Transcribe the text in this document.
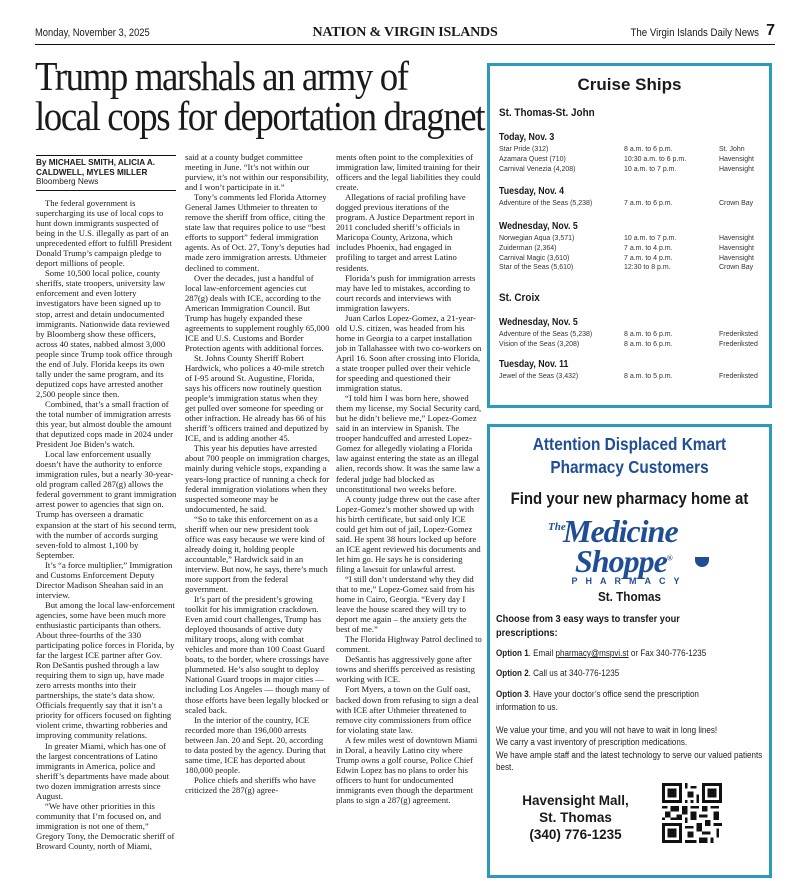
Monday, November 3, 2025	NATION & VIRGIN ISLANDS	The Virgin Islands Daily News 7
Trump marshals an army of
local cops for deportation dragnet
By MICHAEL SMITH, ALICIA A. CALDWELL, MYLES MILLER
Bloomberg News

The federal government is supercharging its use of local cops to hunt down immigrants suspected of being in the U.S. illegally as part of an unprecedented effort to fulfill President Donald Trump’s campaign pledge to deport millions of people.

Some 10,500 local police, county sheriffs, state troopers, university law enforcement and even lottery investigators have been signed up to stop, arrest and detain undocumented immigrants. Nationwide data reviewed by Bloomberg show these officers, across 40 states, nabbed almost 3,000 people since Trump took office through the end of July. Florida keeps its own tally under the same program, and its deputized cops have arrested another 2,500 people since then.

Combined, that’s a small fraction of the total number of immigration arrests this year, but almost double the amount that deputized cops made in 2024 under President Joe Biden’s watch.

Local law enforcement usually doesn’t have the authority to enforce immigration rules, but a nearly 30-year-old program called 287(g) allows the federal government to grant immigration arrest power to agencies that sign on. Trump has overseen a dramatic expansion at the start of his second term, with the number of accords surging seven-fold to almost 1,100 by September.

It’s “a force multiplier,” Immigration and Customs Enforcement Deputy Director Madison Sheahan said in an interview.

But among the local law-enforcement agencies, some have been much more enthusiastic participants than others. About three-fourths of the 330 participating police forces in Florida, by far the largest ICE partner after Gov. Ron DeSantis pushed through a law requiring them to sign up, have made zero arrests months into their partnerships, the state’s data show. Officials frequently say that it isn’t a priority for officers focused on fighting violent crime, thwarting robberies and improving community relations.

In greater Miami, which has one of the largest concentrations of Latino immigrants in America, police and sheriff’s departments have made about two dozen immigration arrests since August.

“We have other priorities in this community that I’m focused on, and immigration is not one of them,” Gregory Tony, the Democratic sheriff of Broward County, north of Miami,

said at a county budget committee meeting in June. “It’s not within our purview, it’s not within our responsibility, and I won’t participate in it.”

Tony’s comments led Florida Attorney General James Uthmeier to threaten to remove the sheriff from office, citing the state law that requires police to use “best efforts to support” federal immigration agents. As of Oct. 27, Tony’s deputies had made zero immigration arrests. Uthmeier declined to comment.

Over the decades, just a handful of local law-enforcement agencies cut 287(g) deals with ICE, according to the American Immigration Council. But Trump has hugely expanded these agreements to supplement roughly 65,000 ICE and U.S. Customs and Border Protection agents with additional forces.

St. Johns County Sheriff Robert Hardwick, who polices a 40-mile stretch of I-95 around St. Augustine, Florida, says his officers now routinely question people’s immigration status when they get pulled over someone for speeding or other infraction. He already has 66 of his sheriff’s officers trained and deputized by ICE, and is adding another 45.

This year his deputies have arrested about 700 people on immigration charges, mainly during vehicle stops, expanding a years-long practice of running a check for federal immigration violations when they suspected someone may be undocumented, he said.

“So to take this enforcement on as a sheriff when our new president took office was easy because we were kind of already doing it, holding people accountable,” Hardwick said in an interview. But now, he says, there’s much more support from the federal government.

It’s part of the president’s growing toolkit for his immigration crackdown. Even amid court challenges, Trump has deployed thousands of active duty military troops, along with combat vehicles and more than 100 Coast Guard boats, to the border, where crossings have plummeted. He’s also sought to deploy National Guard troops in major cities — including Los Angeles — though many of those efforts have been legally blocked or scaled back.

In the interior of the country, ICE recorded more than 196,000 arrests between Jan. 20 and Sept. 20, according to data posted by the agency. During that same time, ICE has deported about 180,000 people.

Police chiefs and sheriffs who have criticized the 287(g) agree-

ments often point to the complexities of immigration law, limited training for their officers and the legal liabilities they could create.

Allegations of racial profiling have dogged previous iterations of the program. A Justice Department report in 2011 concluded sheriff’s officials in Maricopa County, Arizona, which includes Phoenix, had engaged in profiling to target and arrest Latino residents.

Florida’s push for immigration arrests may have led to mistakes, according to court records and interviews with immigration lawyers.

Juan Carlos Lopez-Gomez, a 21-year-old U.S. citizen, was headed from his home in Georgia to a carpet installation job in Tallahassee with two co-workers on April 16. Soon after crossing into Florida, a state trooper pulled over their vehicle for speeding and questioned their immigration status.

“I told him I was born here, showed them my license, my Social Security card, but he didn’t believe me,” Lopez-Gomez said in an interview in Spanish. The trooper handcuffed and arrested Lopez-Gomez for allegedly violating a Florida law against entering the state as an illegal alien, records show. It was the same law a federal judge had blocked as unconstitutional two weeks before.

A county judge threw out the case after Lopez-Gomez’s mother showed up with his birth certificate, but said only ICE could get him out of jail, Lopez-Gomez said. He spent 38 hours locked up before an ICE agent reviewed his documents and let him go. He says he is considering filing a lawsuit for unlawful arrest.

“I still don’t understand why they did that to me,” Lopez-Gomez said from his home in Cairo, Georgia. “Every day I leave the house scared they will try to deport me again – the anxiety gets the best of me.”

The Florida Highway Patrol declined to comment.

DeSantis has aggressively gone after towns and sheriffs perceived as resisting working with ICE.

Fort Myers, a town on the Gulf oast, backed down from refusing to sign a deal with ICE after Uthmeier threatened to remove city commissioners from office for violating state law.

A few miles west of downtown Miami in Doral, a heavily Latino city where Trump owns a golf course, Police Chief Edwin Lopez has no plans to order his officers to hunt for undocumented immigrants even though the department plans to sign a 287(g) agreement.

Cruise Ships
St. Thomas-St. John
Today, Nov. 3
Star Pride (312)	8 a.m. to 6 p.m.	St. John
Azamara Quest (710)	10:30 a.m. to 6 p.m.	Havensight
Carnival Venezia (4,208)	10 a.m. to 7 p.m.	Havensight
Tuesday, Nov. 4
Adventure of the Seas (5,238)	7 a.m. to 6 p.m.	Crown Bay
Wednesday, Nov. 5
Norwegian Aqua (3,571)	10 a.m. to 7 p.m.	Havensight
Zuiderman (2,364)	7 a.m. to 4 p.m.	Havensight
Carnival Magic (3,610)	7 a.m. to 4 p.m.	Havensight
Star of the Seas (5,610)	12:30 to 8 p.m.	Crown Bay
St. Croix
Wednesday, Nov. 5
Adventure of the Seas (5,238)	8 a.m. to 6 p.m.	Frederiksted
Vision of the Seas (3,208)	8 a.m. to 6 p.m.	Frederiksted
Tuesday, Nov. 11
Jewel of the Seas (3,432)	8 a.m. to 5 p.m.	Frederiksted
Attention Displaced Kmart
Pharmacy Customers
Find your new pharmacy home at
The
Medicine
Shoppe®
PHARMACY
St. Thomas
Choose from 3 easy ways to transfer your prescriptions:
Option 1. Email pharmacy@mspvi.st or Fax 340-776-1235
Option 2. Call us at 340-776-1235
Option 3. Have your doctor’s office send the prescription information to us.
We value your time, and you will not have to wait in long lines!
We carry a vast inventory of prescription medications.
We have ample staff and the latest technology to serve our valued patients best.
Havensight Mall,
St. Thomas
(340) 776-1235
